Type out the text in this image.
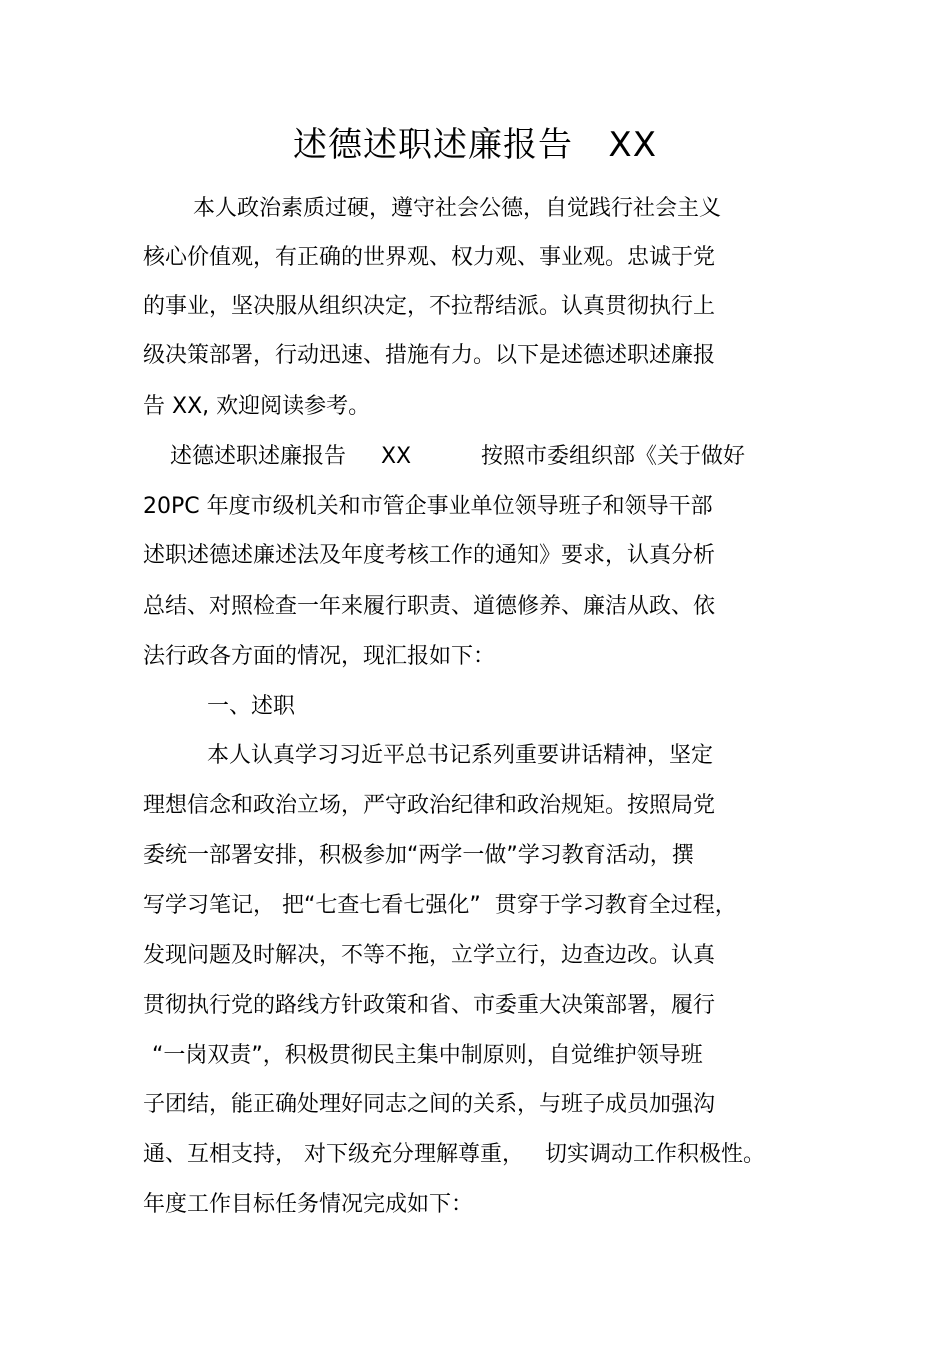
述德述职述廉报告   XX
本人政治素质过硬，遵守社会公德，自觉践行社会主义
核心价值观，有正确的世界观、权力观、事业观。忠诚于党
的事业，坚决服从组织决定，不拉帮结派。认真贯彻执行上
级决策部署，行动迅速、措施有力。以下是述德述职述廉报
告 XX, 欢迎阅读参考。
述德述职述廉报告     XX          按照市委组织部《关于做好
20PC 年度市级机关和市管企事业单位领导班子和领导干部
述职述德述廉述法及年度考核工作的通知》要求，认真分析
总结、对照检查一年来履行职责、道德修养、廉洁从政、依
法行政各方面的情况，现汇报如下：
一、述职
本人认真学习习近平总书记系列重要讲话精神，坚定
理想信念和政治立场，严守政治纪律和政治规矩。按照局党
委统一部署安排，积极参加“两学一做”学习教育活动，撰
写学习笔记， 把“七查七看七强化”  贯穿于学习教育全过程，
发现问题及时解决，不等不拖，立学立行，边查边改。认真
贯彻执行党的路线方针政策和省、市委重大决策部署，履行
“一岗双责”，积极贯彻民主集中制原则，自觉维护领导班
子团结，能正确处理好同志之间的关系，与班子成员加强沟
通、互相支持， 对下级充分理解尊重，   切实调动工作积极性。
年度工作目标任务情况完成如下：
